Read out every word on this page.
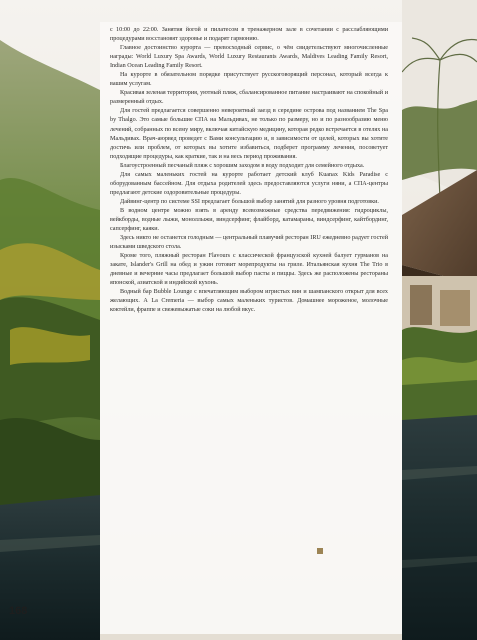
с 10:00 до 22:00. Занятия йогой и пилатесом в тренажерном зале в сочетании с расслабляющими процедурами восстановят здоровье и подарят гармонию.

Главное достоинство курорта — превосходный сервис, о чём свидетельствуют многочисленные награды: World Luxury Spa Awards, World Luxury Restaurants Awards, Maldives Leading Family Resort, Indian Ocean Leading Family Resort.

На курорте в обязательном порядке присутствует русскоговорящий персонал, который всегда к вашим услугам.

Красивая зеленая территория, уютный пляж, сбалансированное питание настраивают на спокойный и размеренный отдых.

Для гостей предлагается совершенно невероятный заезд в середине острова под названием The Spa by Thalgo. Это самые большие СПА на Мальдивах, не только по размеру, но и по разнообразию меню лечений, собранных по всему миру, включая китайскую медицину, которая редко встречается в отелях на Мальдивах. Врач-аюрвед проведет с Вами консультацию и, в зависимости от целей, которых вы хотите достичь или проблем, от которых вы хотите избавиться, подберет программу лечения, посоветует подходящие процедуры, как краткие, так и на весь период проживания.

Благоустроенный песчаный пляж с хорошим заходом в воду подходит для семейного отдыха.

Для самых маленьких гостей на курорте работает детский клуб Kuanax Kids Paradise с оборудованным бассейном. Для отдыха родителей здесь предоставляются услуги няни, а СПА-центры предлагают детские оздоровительные процедуры.

Дайвинг-центр по системе SSI предлагает большой выбор занятий для разного уровня подготовки.

В водном центре можно взять в аренду всевозможные средства передвижения: гидроциклы, вейкборды, водные лыжи, моноллыжи, виндсерфинг, флайборд, катамараны, виндсерфинг, кайтбординг, сапсерфинг, каяки.

Здесь никто не останется голодным — центральный плавучий ресторан IRU ежедневно радует гостей изысками шведского стола.

Кроме того, пляжный ресторан Flavours с классической французской кухней балует гурманов на закате, Islander's Grill на обед и ужин готовит морепродукты на гриле. Итальянская кухня The Trio в дневные и вечерние часы предлагает большой выбор пасты и пиццы. Здесь же расположены рестораны японской, азиатской и индийской кухонь.

Водный бар Bubble Lounge с впечатляющим выбором игристых вин и шампанского открыт для всех желающих. А La Cremeria — выбор самых маленьких туристов. Домашнее мороженое, молочные коктейли, фраппе и свежевыжатые соки на любой вкус.

168
